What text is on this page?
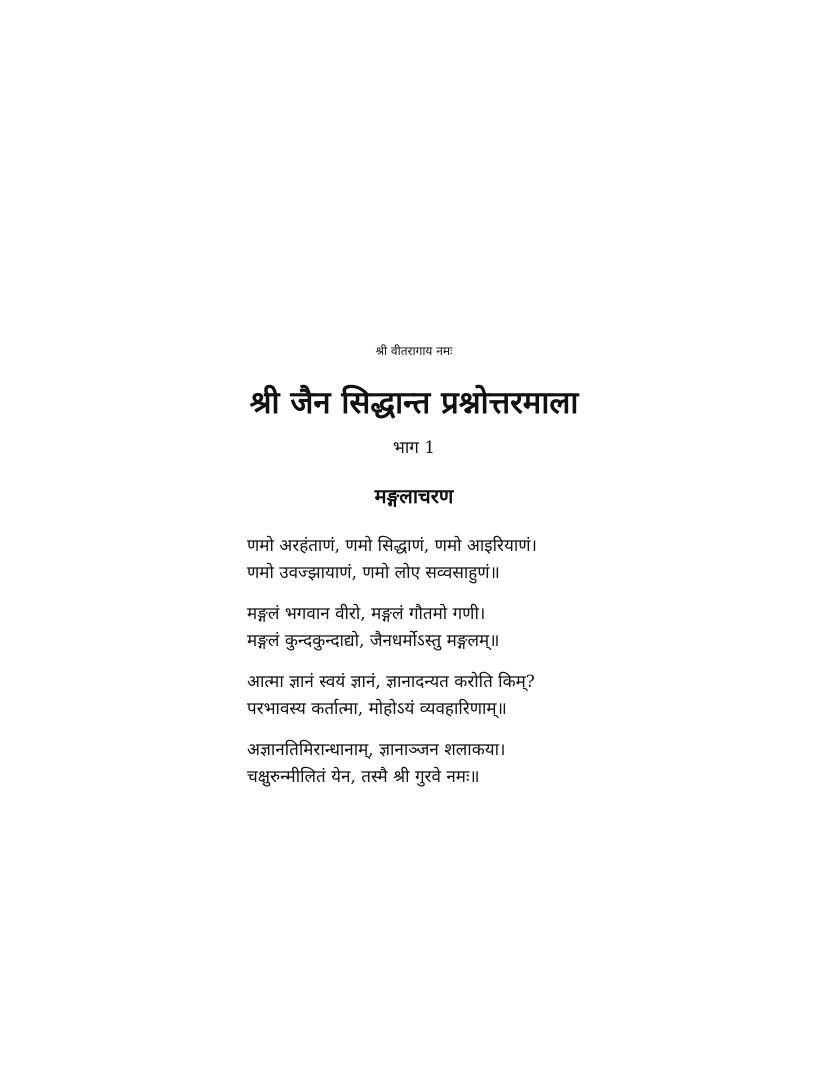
श्री वीतरागाय नमः
श्री जैन सिद्धान्त प्रश्नोत्तरमाला
भाग 1
मङ्गलाचरण
णमो अरहंताणं, णमो सिद्धाणं, णमो आइरियाणं।
णमो उवज्झायाणं, णमो लोए सव्वसाहुणं॥
मङ्गलं भगवान वीरो, मङ्गलं गौतमो गणी।
मङ्गलं कुन्दकुन्दाद्यो, जैनधर्मोऽस्तु मङ्गलम्॥
आत्मा ज्ञानं स्वयं ज्ञानं, ज्ञानादन्यत करोति किम्?
परभावस्य कर्तात्मा, मोहोऽयं व्यवहारिणाम्॥
अज्ञानतिमिरान्धानाम्, ज्ञानाञ्जन शलाकया।
चक्षुरुन्मीलितं येन, तस्मै श्री गुरवे नमः॥
